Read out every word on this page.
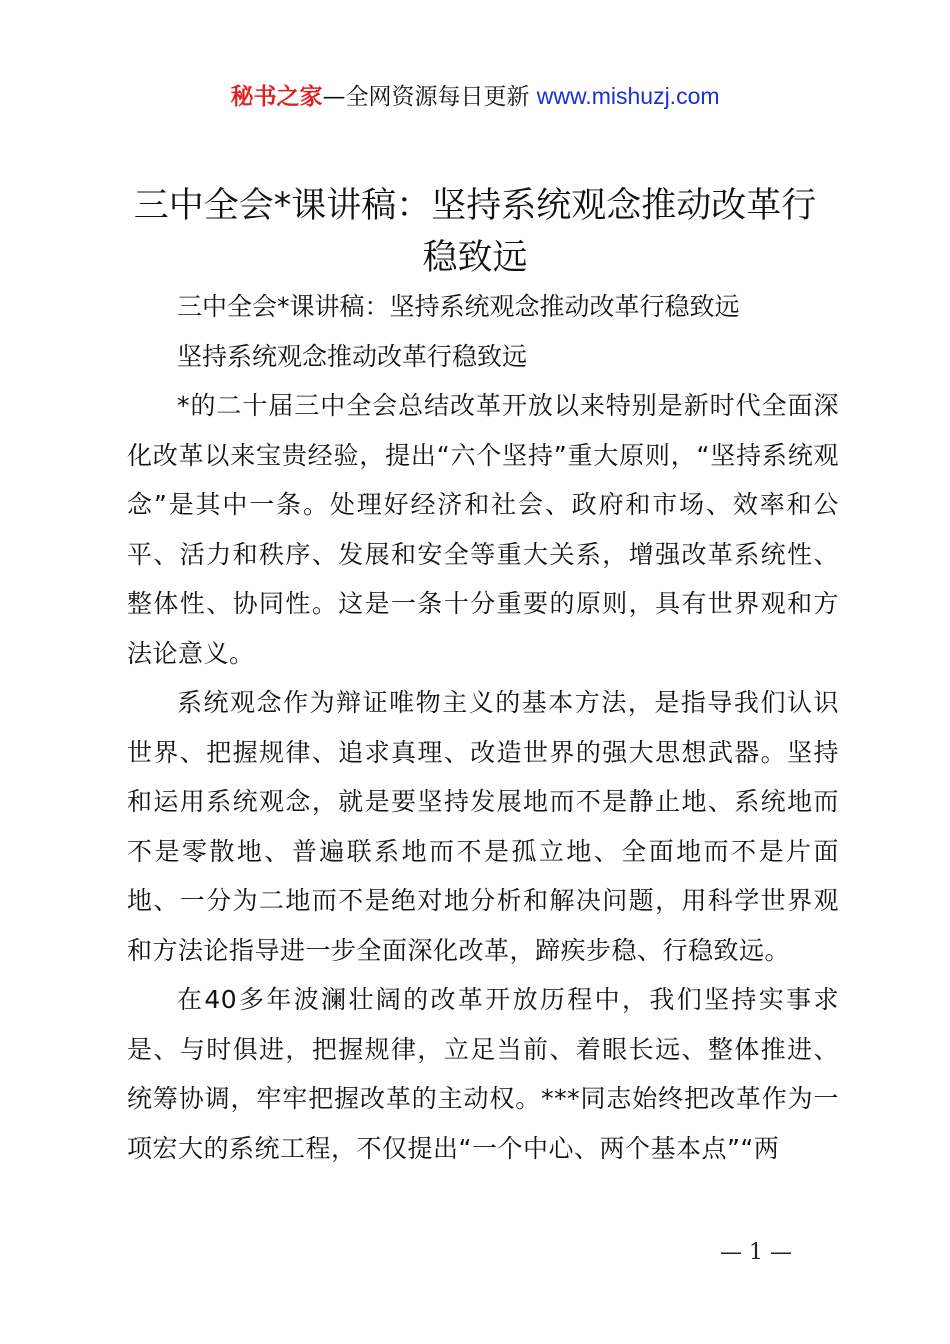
秘书之家—全网资源每日更新 www.mishuzj.com
三中全会*课讲稿：坚持系统观念推动改革行稳致远

三中全会*课讲稿：坚持系统观念推动改革行稳致远

坚持系统观念推动改革行稳致远

*的二十届三中全会总结改革开放以来特别是新时代全面深化改革以来宝贵经验，提出“六个坚持”重大原则，“坚持系统观念”是其中一条。处理好经济和社会、政府和市场、效率和公平、活力和秩序、发展和安全等重大关系，增强改革系统性、整体性、协同性。这是一条十分重要的原则，具有世界观和方法论意义。

系统观念作为辩证唯物主义的基本方法，是指导我们认识世界、把握规律、追求真理、改造世界的强大思想武器。坚持和运用系统观念，就是要坚持发展地而不是静止地、系统地而不是零散地、普遍联系地而不是孤立地、全面地而不是片面地、一分为二地而不是绝对地分析和解决问题，用科学世界观和方法论指导进一步全面深化改革，蹄疾步稳、行稳致远。

在40多年波澜壮阔的改革开放历程中，我们坚持实事求是、与时俱进，把握规律，立足当前、着眼长远、整体推进、统筹协调，牢牢把握改革的主动权。***同志始终把改革作为一项宏大的系统工程，不仅提出“一个中心、两个基本点”“两

— 1 —
